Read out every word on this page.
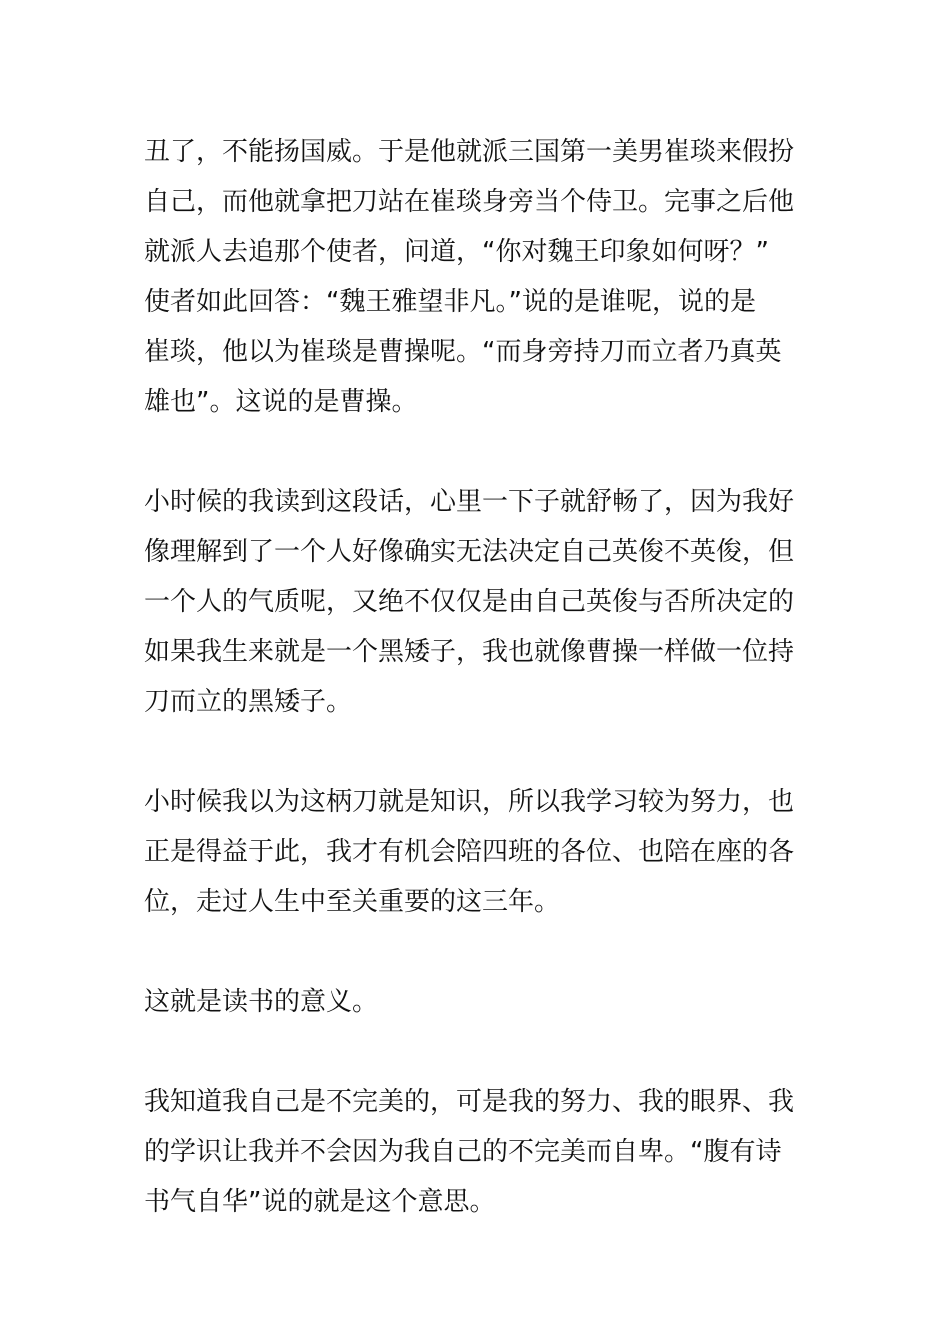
丑了，不能扬国威。于是他就派三国第一美男崔琰来假扮
自己，而他就拿把刀站在崔琰身旁当个侍卫。完事之后他
就派人去追那个使者，问道，“你对魏王印象如何呀？”
使者如此回答：“魏王雅望非凡。”说的是谁呢，说的是
崔琰，他以为崔琰是曹操呢。“而身旁持刀而立者乃真英
雄也”。这说的是曹操。
小时候的我读到这段话，心里一下子就舒畅了，因为我好
像理解到了一个人好像确实无法决定自己英俊不英俊，但
一个人的气质呢，又绝不仅仅是由自己英俊与否所决定的
如果我生来就是一个黑矮子，我也就像曹操一样做一位持
刀而立的黑矮子。
小时候我以为这柄刀就是知识，所以我学习较为努力，也
正是得益于此，我才有机会陪四班的各位、也陪在座的各
位，走过人生中至关重要的这三年。
这就是读书的意义。
我知道我自己是不完美的，可是我的努力、我的眼界、我
的学识让我并不会因为我自己的不完美而自卑。“腹有诗
书气自华”说的就是这个意思。
